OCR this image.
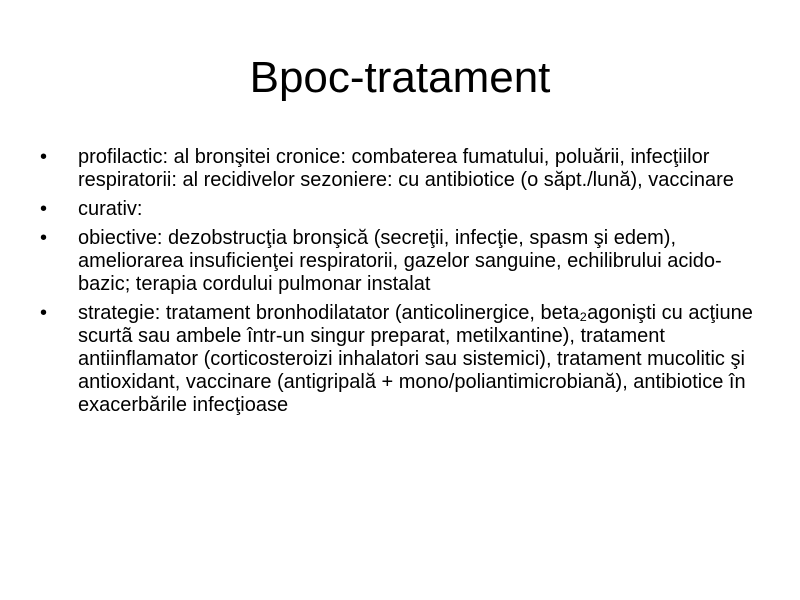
Bpoc-tratament
•	profilactic: al bronşitei cronice: combaterea fumatului, poluării, infecţiilor respiratorii: al recidivelor sezoniere: cu antibiotice (o săpt./lună), vaccinare
•	curativ:
•	obiective: dezobstrucţia bronşică (secreţii, infecţie, spasm şi edem), ameliorarea insuficienţei respiratorii, gazelor sanguine, echilibrului acido-bazic; terapia cordului pulmonar instalat
•	strategie: tratament bronhodilatator (anticolinergice, beta₂agonişti cu acţiune scurtã sau ambele într-un singur preparat, metilxantine), tratament antiinflamator (corticosteroizi inhalatori sau sistemici), tratament mucolitic şi antioxidant, vaccinare (antigripală + mono/poliantimicrobiană), antibiotice în exacerbările infecţioase
